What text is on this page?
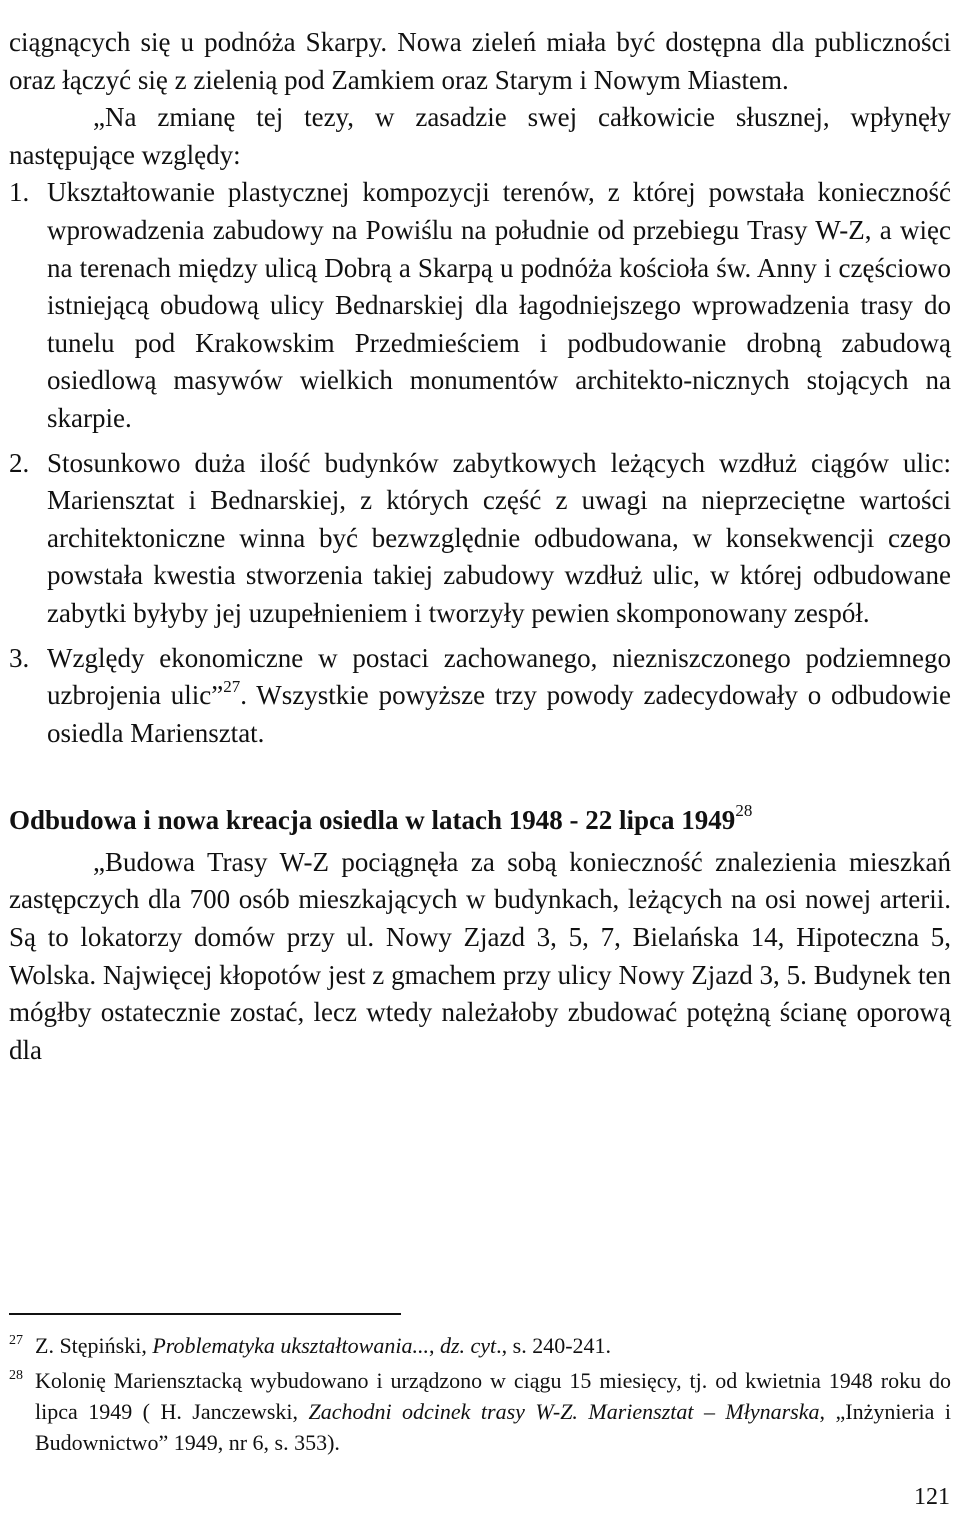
ciągnących się u podnóża Skarpy. Nowa zieleń miała być dostępna dla publiczności oraz łączyć się z zielenią pod Zamkiem oraz Starym i Nowym Miastem.

„Na zmianę tej tezy, w zasadzie swej całkowicie słusznej, wpłynęły następujące względy:

1. Ukształtowanie plastycznej kompozycji terenów, z której powstała konieczność wprowadzenia zabudowy na Powiślu na południe od przebiegu Trasy W-Z, a więc na terenach między ulicą Dobrą a Skarpą u podnóża kościoła św. Anny i częściowo istniejącą obudową ulicy Bednarskiej dla łagodniejszego wprowadzenia trasy do tunelu pod Krakowskim Przedmieściem i podbudowanie drobną zabudową osiedlową masywów wielkich monumentów architekto-nicznych stojących na skarpie.
2. Stosunkowo duża ilość budynków zabytkowych leżących wzdłuż ciągów ulic: Mariensztat i Bednarskiej, z których część z uwagi na nieprzeciętne wartości architektoniczne winna być bezwzględnie odbudowana, w konsekwencji czego powstała kwestia stworzenia takiej zabudowy wzdłuż ulic, w której odbudowane zabytki byłyby jej uzupełnieniem i tworzyły pewien skomponowany zespół.
3. Względy ekonomiczne w postaci zachowanego, niezniszczonego podziemnego uzbrojenia ulic”$^{27}$. Wszystkie powyższe trzy powody zadecydowały o odbudowie osiedla Mariensztat.
Odbudowa i nowa kreacja osiedla w latach 1948 - 22 lipca 1949$^{28}$

„Budowa Trasy W-Z pociągnęła za sobą konieczność znalezienia mieszkań zastępczych dla 700 osób mieszkających w budynkach, leżących na osi nowej arterii. Są to lokatorzy domów przy ul. Nowy Zjazd 3, 5, 7, Bielańska 14, Hipoteczna 5, Wolska. Najwięcej kłopotów jest z gmachem przy ulicy Nowy Zjazd 3, 5. Budynek ten mógłby ostatecznie zostać, lecz wtedy należałoby zbudować potężną ścianę oporową dla

27 Z. Stępiński, Problematyka ukształtowania..., dz. cyt., s. 240-241.
28 Kolonię Mariensztacką wybudowano i urządzono w ciągu 15 miesięcy, tj. od kwietnia 1948 roku do lipca 1949 ( H. Janczewski, Zachodni odcinek trasy W-Z. Mariensztat – Młynarska, „Inżynieria i Budownictwo” 1949, nr 6, s. 353).
121
